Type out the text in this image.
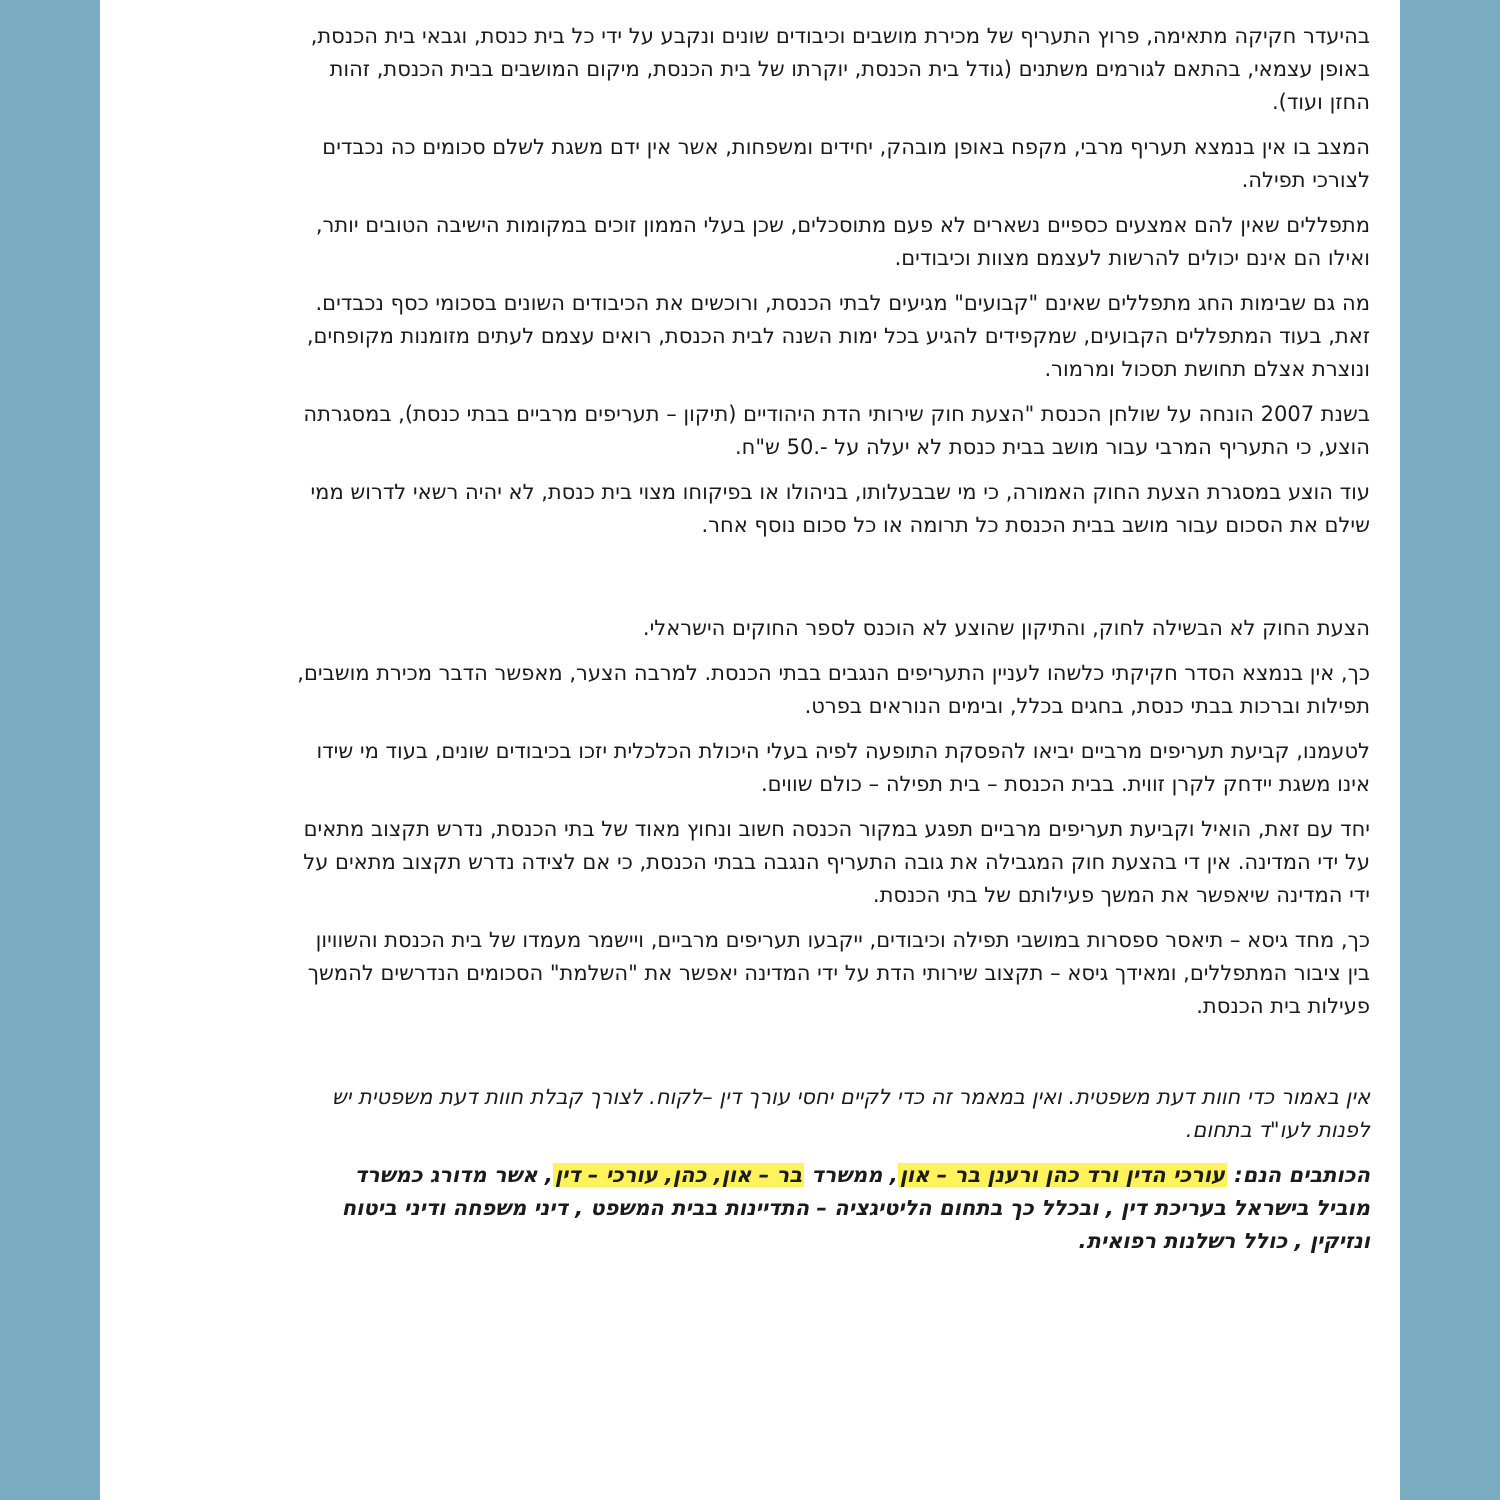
בהיעדר חקיקה מתאימה, פרוץ התעריף של מכירת מושבים וכיבודים שונים ונקבע על ידי כל בית כנסת, וגבאי בית הכנסת, באופן עצמאי, בהתאם לגורמים משתנים (גודל בית הכנסת, יוקרתו של בית הכנסת, מיקום המושבים בבית הכנסת, זהות החזן ועוד).

המצב בו אין בנמצא תעריף מרבי, מקפח באופן מובהק, יחידים ומשפחות, אשר אין ידם משגת לשלם סכומים כה נכבדים לצורכי תפילה.

מתפללים שאין להם אמצעים כספיים נשארים לא פעם מתוסכלים, שכן בעלי הממון זוכים במקומות הישיבה הטובים יותר, ואילו הם אינם יכולים להרשות לעצמם מצוות וכיבודים.

מה גם שבימות החג מתפללים שאינם "קבועים" מגיעים לבתי הכנסת, ורוכשים את הכיבודים השונים בסכומי כסף נכבדים. זאת, בעוד המתפללים הקבועים, שמקפידים להגיע בכל ימות השנה לבית הכנסת, רואים עצמם לעתים מזומנות מקופחים, ונוצרת אצלם תחושת תסכול ומרמור.

בשנת 2007 הונחה על שולחן הכנסת "הצעת חוק שירותי הדת היהודיים (תיקון – תעריפים מרביים בבתי כנסת), במסגרתה הוצע, כי התעריף המרבי עבור מושב בבית כנסת לא יעלה על -.50 ש"ח.

עוד הוצע במסגרת הצעת החוק האמורה, כי מי שבבעלותו, בניהולו או בפיקוחו מצוי בית כנסת, לא יהיה רשאי לדרוש ממי שילם את הסכום עבור מושב בבית הכנסת כל תרומה או כל סכום נוסף אחר.

הצעת החוק לא הבשילה לחוק, והתיקון שהוצע לא הוכנס לספר החוקים הישראלי.

כך, אין בנמצא הסדר חקיקתי כלשהו לעניין התעריפים הנגבים בבתי הכנסת. למרבה הצער, מאפשר הדבר מכירת מושבים, תפילות וברכות בבתי כנסת, בחגים בכלל, ובימים הנוראים בפרט.

לטעמנו, קביעת תעריפים מרביים יביאו להפסקת התופעה לפיה בעלי היכולת הכלכלית יזכו בכיבודים שונים, בעוד מי שידו אינו משגת יידחק לקרן זווית. בבית הכנסת – בית תפילה – כולם שווים.

יחד עם זאת, הואיל וקביעת תעריפים מרביים תפגע במקור הכנסה חשוב ונחוץ מאוד של בתי הכנסת, נדרש תקצוב מתאים על ידי המדינה. אין די בהצעת חוק המגבילה את גובה התעריף הנגבה בבתי הכנסת, כי אם לצידה נדרש תקצוב מתאים על ידי המדינה שיאפשר את המשך פעילותם של בתי הכנסת.

כך, מחד גיסא – תיאסר ספסרות במושבי תפילה וכיבודים, ייקבעו תעריפים מרביים, ויישמר מעמדו של בית הכנסת והשוויון בין ציבור המתפללים, ומאידך גיסא – תקצוב שירותי הדת על ידי המדינה יאפשר את "השלמת" הסכומים הנדרשים להמשך פעילות בית הכנסת.

אין באמור כדי חוות דעת משפטית. ואין במאמר זה כדי לקיים יחסי עורך דין –לקוח. לצורך קבלת חוות דעת משפטית יש לפנות לעו"ד בתחום.

הכותבים הנם: עורכי הדין ורד כהן ורענן בר – און, ממשרד בר – און, כהן, עורכי – דין, אשר מדורג כמשרד מוביל בישראל בעריכת דין , ובכלל כך בתחום הליטיגציה – התדיינות בבית המשפט , דיני משפחה ודיני ביטוח ונזיקין , כולל רשלנות רפואית.
